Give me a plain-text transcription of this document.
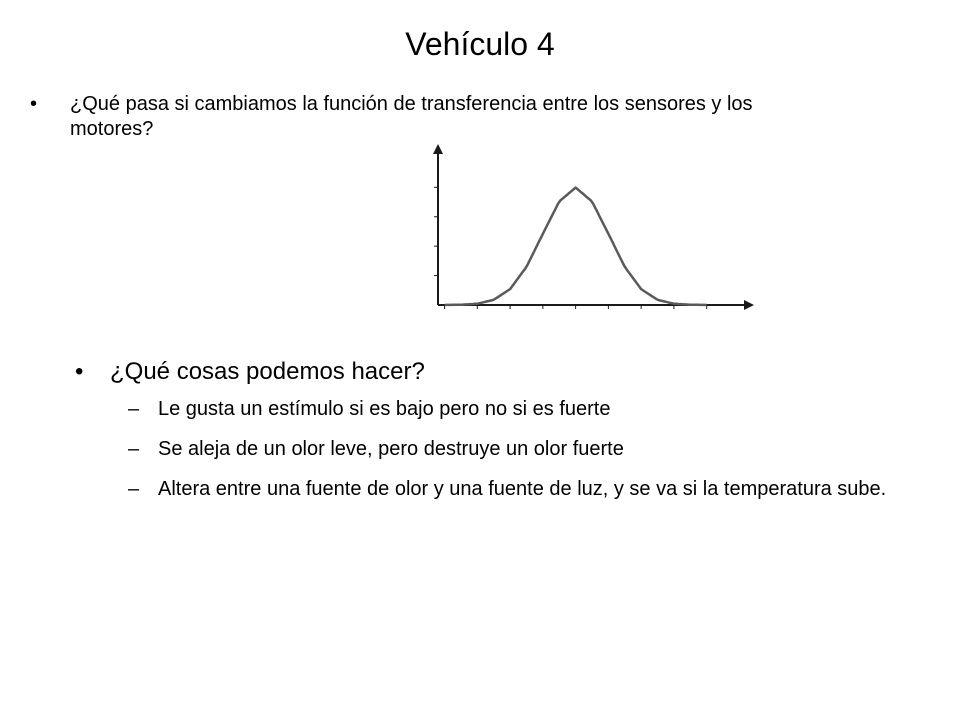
Vehículo 4
• ¿Qué pasa si cambiamos la función de transferencia entre los sensores y los motores?
• ¿Qué cosas podemos hacer?
– Le gusta un estímulo si es bajo pero no si es fuerte
– Se aleja de un olor leve, pero destruye un olor fuerte
– Altera entre una fuente de olor y una fuente de luz, y se va si la temperatura sube.
